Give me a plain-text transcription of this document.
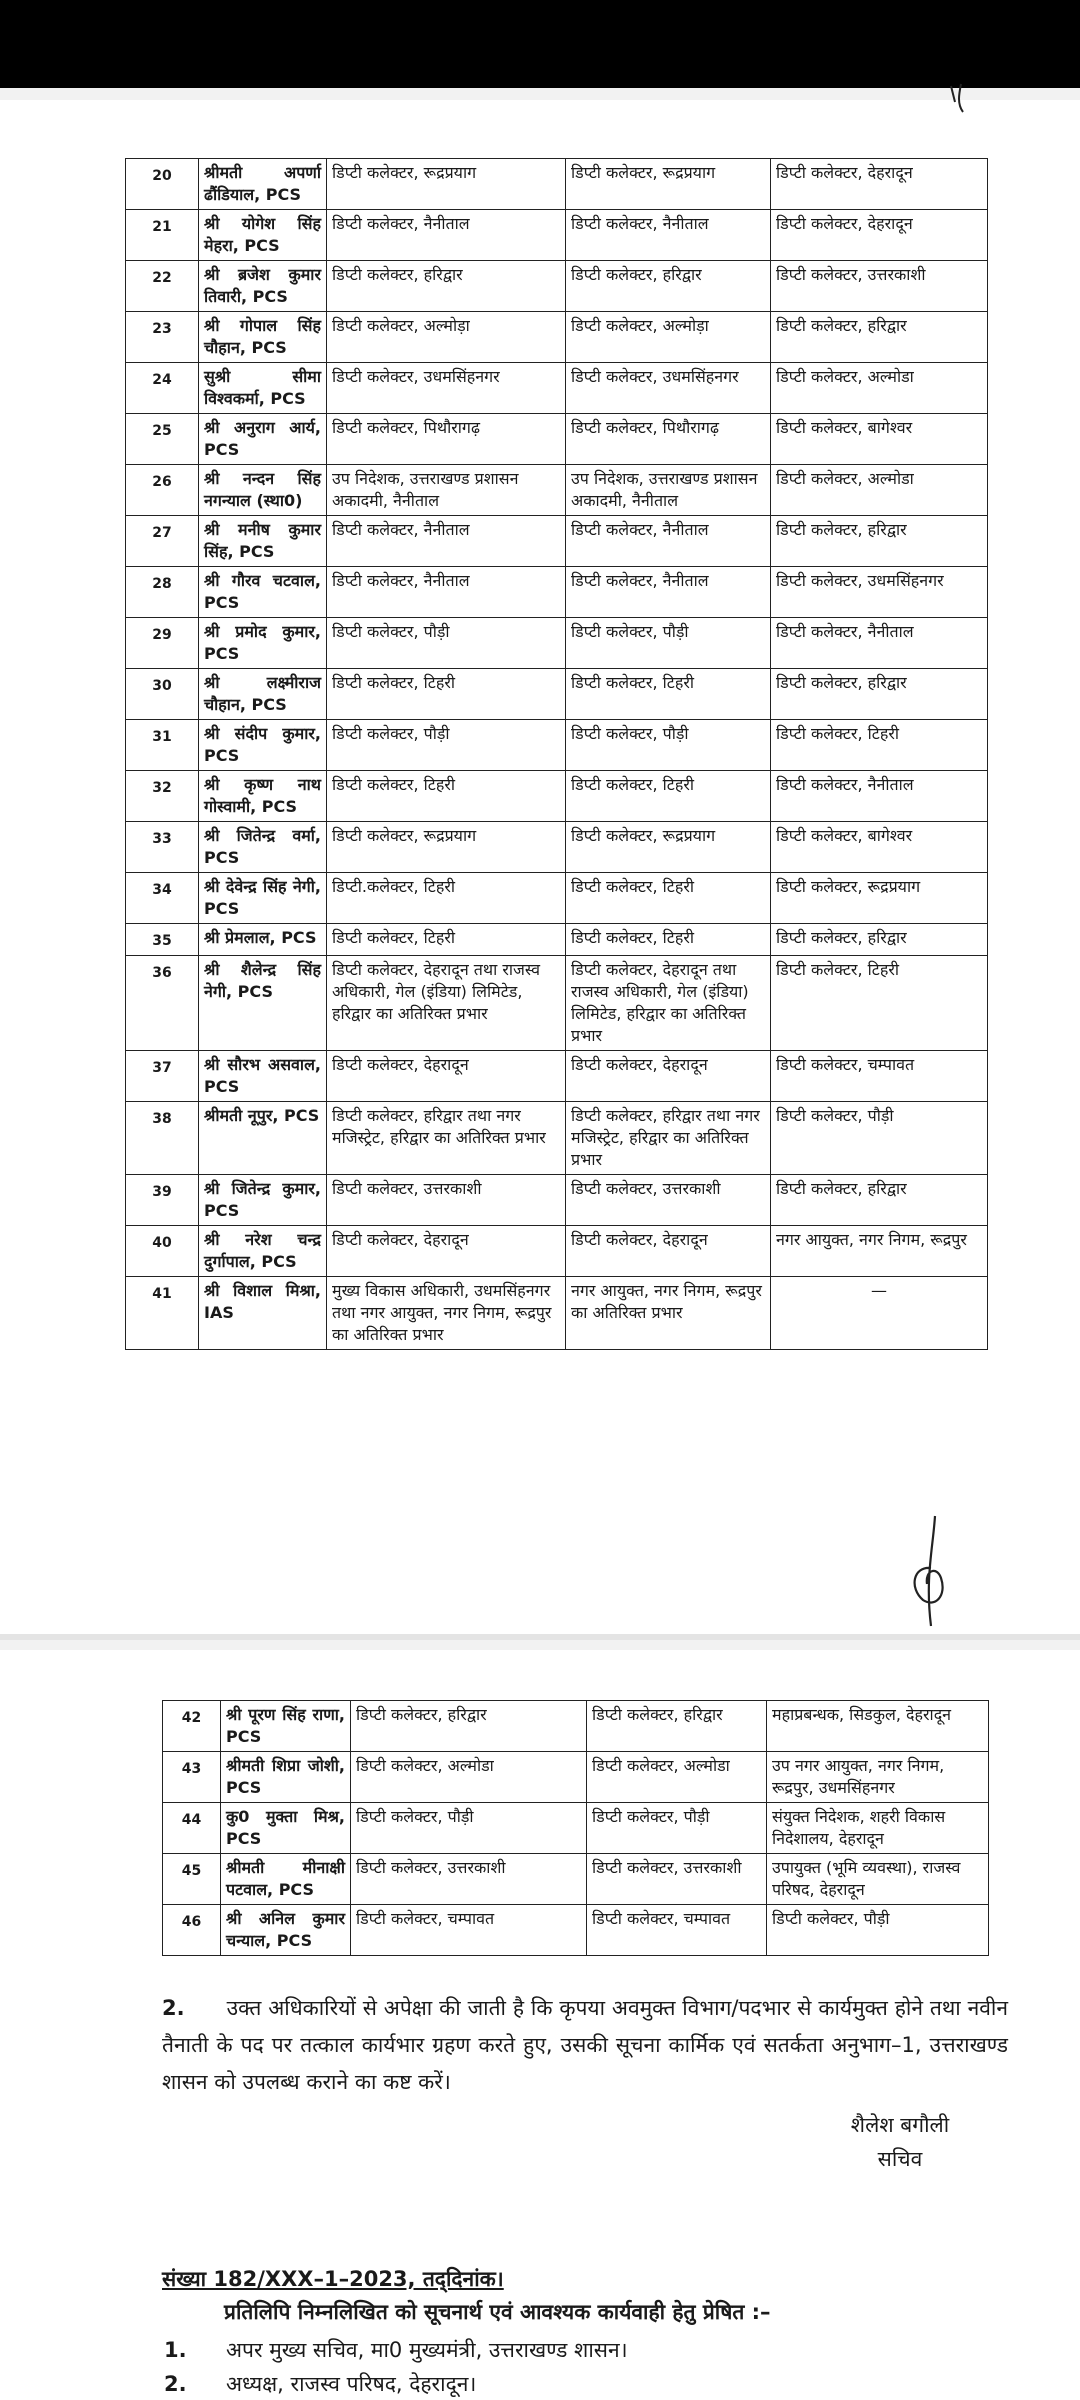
20	श्रीमती अपर्णा ढौंडियाल, PCS	डिप्टी कलेक्टर, रूद्रप्रयाग	डिप्टी कलेक्टर, रूद्रप्रयाग	डिप्टी कलेक्टर, देहरादून
21	श्री योगेश सिंह मेहरा, PCS	डिप्टी कलेक्टर, नैनीताल	डिप्टी कलेक्टर, नैनीताल	डिप्टी कलेक्टर, देहरादून
22	श्री ब्रजेश कुमार तिवारी, PCS	डिप्टी कलेक्टर, हरिद्वार	डिप्टी कलेक्टर, हरिद्वार	डिप्टी कलेक्टर, उत्तरकाशी
23	श्री गोपाल सिंह चौहान, PCS	डिप्टी कलेक्टर, अल्मोड़ा	डिप्टी कलेक्टर, अल्मोड़ा	डिप्टी कलेक्टर, हरिद्वार
24	सुश्री सीमा विश्वकर्मा, PCS	डिप्टी कलेक्टर, उधमसिंहनगर	डिप्टी कलेक्टर, उधमसिंहनगर	डिप्टी कलेक्टर, अल्मोडा
25	श्री अनुराग आर्य, PCS	डिप्टी कलेक्टर, पिथौरागढ़	डिप्टी कलेक्टर, पिथौरागढ़	डिप्टी कलेक्टर, बागेश्वर
26	श्री नन्दन सिंह नगन्याल (स्था0)	उप निदेशक, उत्तराखण्ड प्रशासन अकादमी, नैनीताल	उप निदेशक, उत्तराखण्ड प्रशासन अकादमी, नैनीताल	डिप्टी कलेक्टर, अल्मोडा
27	श्री मनीष कुमार सिंह, PCS	डिप्टी कलेक्टर, नैनीताल	डिप्टी कलेक्टर, नैनीताल	डिप्टी कलेक्टर, हरिद्वार
28	श्री गौरव चटवाल, PCS	डिप्टी कलेक्टर, नैनीताल	डिप्टी कलेक्टर, नैनीताल	डिप्टी कलेक्टर, उधमसिंहनगर
29	श्री प्रमोद कुमार, PCS	डिप्टी कलेक्टर, पौड़ी	डिप्टी कलेक्टर, पौड़ी	डिप्टी कलेक्टर, नैनीताल
30	श्री लक्ष्मीराज चौहान, PCS	डिप्टी कलेक्टर, टिहरी	डिप्टी कलेक्टर, टिहरी	डिप्टी कलेक्टर, हरिद्वार
31	श्री संदीप कुमार, PCS	डिप्टी कलेक्टर, पौड़ी	डिप्टी कलेक्टर, पौड़ी	डिप्टी कलेक्टर, टिहरी
32	श्री कृष्ण नाथ गोस्वामी, PCS	डिप्टी कलेक्टर, टिहरी	डिप्टी कलेक्टर, टिहरी	डिप्टी कलेक्टर, नैनीताल
33	श्री जितेन्द्र वर्मा, PCS	डिप्टी कलेक्टर, रूद्रप्रयाग	डिप्टी कलेक्टर, रूद्रप्रयाग	डिप्टी कलेक्टर, बागेश्वर
34	श्री देवेन्द्र सिंह नेगी, PCS	डिप्टी.कलेक्टर, टिहरी	डिप्टी कलेक्टर, टिहरी	डिप्टी कलेक्टर, रूद्रप्रयाग
35	श्री प्रेमलाल, PCS	डिप्टी कलेक्टर, टिहरी	डिप्टी कलेक्टर, टिहरी	डिप्टी कलेक्टर, हरिद्वार
36	श्री शैलेन्द्र सिंह नेगी, PCS	डिप्टी कलेक्टर, देहरादून तथा राजस्व अधिकारी, गेल (इंडिया) लिमिटेड, हरिद्वार का अतिरिक्त प्रभार	डिप्टी कलेक्टर, देहरादून तथा राजस्व अधिकारी, गेल (इंडिया) लिमिटेड, हरिद्वार का अतिरिक्त प्रभार	डिप्टी कलेक्टर, टिहरी
37	श्री सौरभ असवाल, PCS	डिप्टी कलेक्टर, देहरादून	डिप्टी कलेक्टर, देहरादून	डिप्टी कलेक्टर, चम्पावत
38	श्रीमती नूपुर, PCS	डिप्टी कलेक्टर, हरिद्वार तथा नगर मजिस्ट्रेट, हरिद्वार का अतिरिक्त प्रभार	डिप्टी कलेक्टर, हरिद्वार तथा नगर मजिस्ट्रेट, हरिद्वार का अतिरिक्त प्रभार	डिप्टी कलेक्टर, पौड़ी
39	श्री जितेन्द्र कुमार, PCS	डिप्टी कलेक्टर, उत्तरकाशी	डिप्टी कलेक्टर, उत्तरकाशी	डिप्टी कलेक्टर, हरिद्वार
40	श्री नरेश चन्द्र दुर्गापाल, PCS	डिप्टी कलेक्टर, देहरादून	डिप्टी कलेक्टर, देहरादून	नगर आयुक्त, नगर निगम, रूद्रपुर
41	श्री विशाल मिश्रा, IAS	मुख्य विकास अधिकारी, उधमसिंहनगर तथा नगर आयुक्त, नगर निगम, रूद्रपुर का अतिरिक्त प्रभार	नगर आयुक्त, नगर निगम, रूद्रपुर का अतिरिक्त प्रभार	—
42	श्री पूरण सिंह राणा, PCS	डिप्टी कलेक्टर, हरिद्वार	डिप्टी कलेक्टर, हरिद्वार	महाप्रबन्धक, सिडकुल, देहरादून
43	श्रीमती शिप्रा जोशी, PCS	डिप्टी कलेक्टर, अल्मोडा	डिप्टी कलेक्टर, अल्मोडा	उप नगर आयुक्त, नगर निगम, रूद्रपुर, उधमसिंहनगर
44	कु0 मुक्ता मिश्र, PCS	डिप्टी कलेक्टर, पौड़ी	डिप्टी कलेक्टर, पौड़ी	संयुक्त निदेशक, शहरी विकास निदेशालय, देहरादून
45	श्रीमती मीनाक्षी पटवाल, PCS	डिप्टी कलेक्टर, उत्तरकाशी	डिप्टी कलेक्टर, उत्तरकाशी	उपायुक्त (भूमि व्यवस्था), राजस्व परिषद, देहरादून
46	श्री अनिल कुमार चन्याल, PCS	डिप्टी कलेक्टर, चम्पावत	डिप्टी कलेक्टर, चम्पावत	डिप्टी कलेक्टर, पौड़ी
2. उक्त अधिकारियों से अपेक्षा की जाती है कि कृपया अवमुक्त विभाग/पदभार से कार्यमुक्त होने तथा नवीन तैनाती के पद पर तत्काल कार्यभार ग्रहण करते हुए, उसकी सूचना कार्मिक एवं सतर्कता अनुभाग–1, उत्तराखण्ड शासन को उपलब्ध कराने का कष्ट करें।
शैलेश बगौली
सचिव
संख्या 182/XXX–1–2023, तद्‌दिनांक।
प्रतिलिपि निम्नलिखित को सूचनार्थ एवं आवश्यक कार्यवाही हेतु प्रेषित :–
1. अपर मुख्य सचिव, मा0 मुख्यमंत्री, उत्तराखण्ड शासन।
2. अध्यक्ष, राजस्व परिषद, देहरादून।
